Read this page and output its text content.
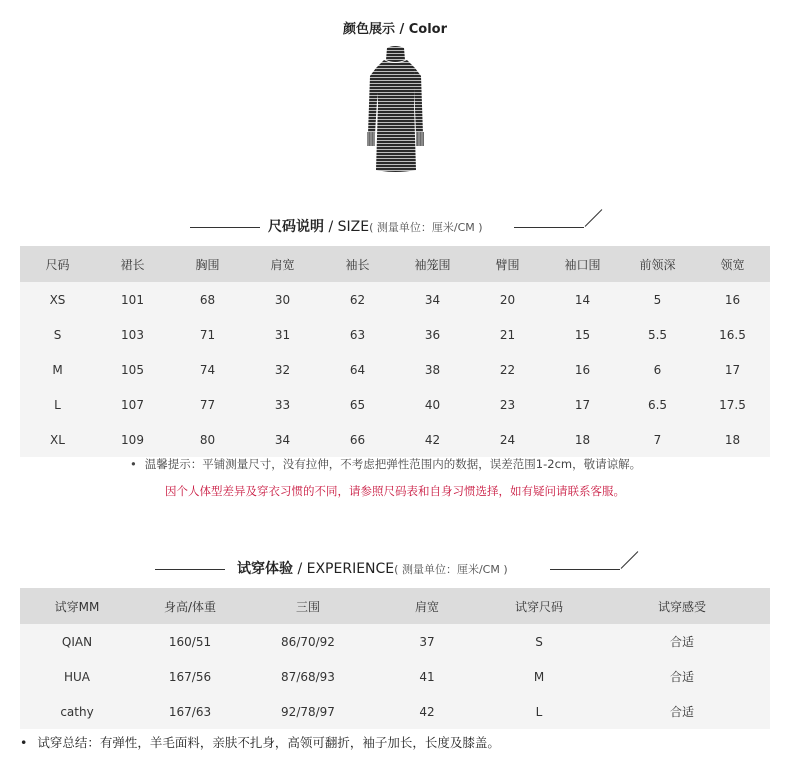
颜色展示 / Color
尺码说明 / SIZE( 测量单位：厘米/CM )
尺码	裙长	胸围	肩宽	袖长	袖笼围	臂围	袖口围	前领深	领宽
XS	101	68	30	62	34	20	14	5	16
S	103	71	31	63	36	21	15	5.5	16.5
M	105	74	32	64	38	22	16	6	17
L	107	77	33	65	40	23	17	6.5	17.5
XL	109	80	34	66	42	24	18	7	18
• 温馨提示：平铺测量尺寸，没有拉伸，不考虑把弹性范围内的数据，误差范围1-2cm，敬请谅解。
因个人体型差异及穿衣习惯的不同，请参照尺码表和自身习惯选择，如有疑问请联系客服。
试穿体验 / EXPERIENCE( 测量单位：厘米/CM )
试穿MM	身高/体重	三围	肩宽	试穿尺码	试穿感受
QIAN	160/51	86/70/92	37	S	合适
HUA	167/56	87/68/93	41	M	合适
cathy	167/63	92/78/97	42	L	合适
• 试穿总结：有弹性，羊毛面料，亲肤不扎身，高领可翻折，袖子加长，长度及膝盖。
